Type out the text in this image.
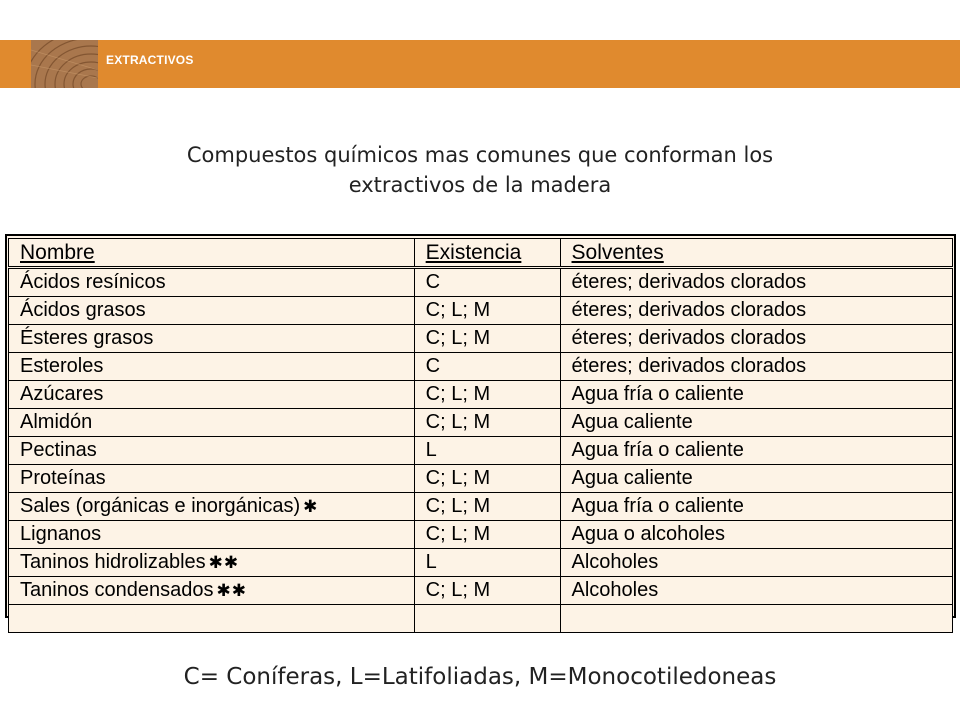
EXTRACTIVOS
Compuestos químicos mas comunes que conforman los
extractivos de la madera
Nombre	Existencia	Solventes
Ácidos resínicos	C	éteres; derivados clorados
Ácidos grasos	C; L; M	éteres; derivados clorados
Ésteres grasos	C; L; M	éteres; derivados clorados
Esteroles	C	éteres; derivados clorados
Azúcares	C; L; M	Agua fría o caliente
Almidón	C; L; M	Agua caliente
Pectinas	L	Agua fría o caliente
Proteínas	C; L; M	Agua caliente
Sales (orgánicas e inorgánicas) ✱	C; L; M	Agua fría o caliente
Lignanos	C; L; M	Agua o alcoholes
Taninos hidrolizables ✱✱	L	Alcoholes
Taninos condensados ✱✱	C; L; M	Alcoholes

C= Coníferas, L=Latifoliadas, M=Monocotiledoneas
